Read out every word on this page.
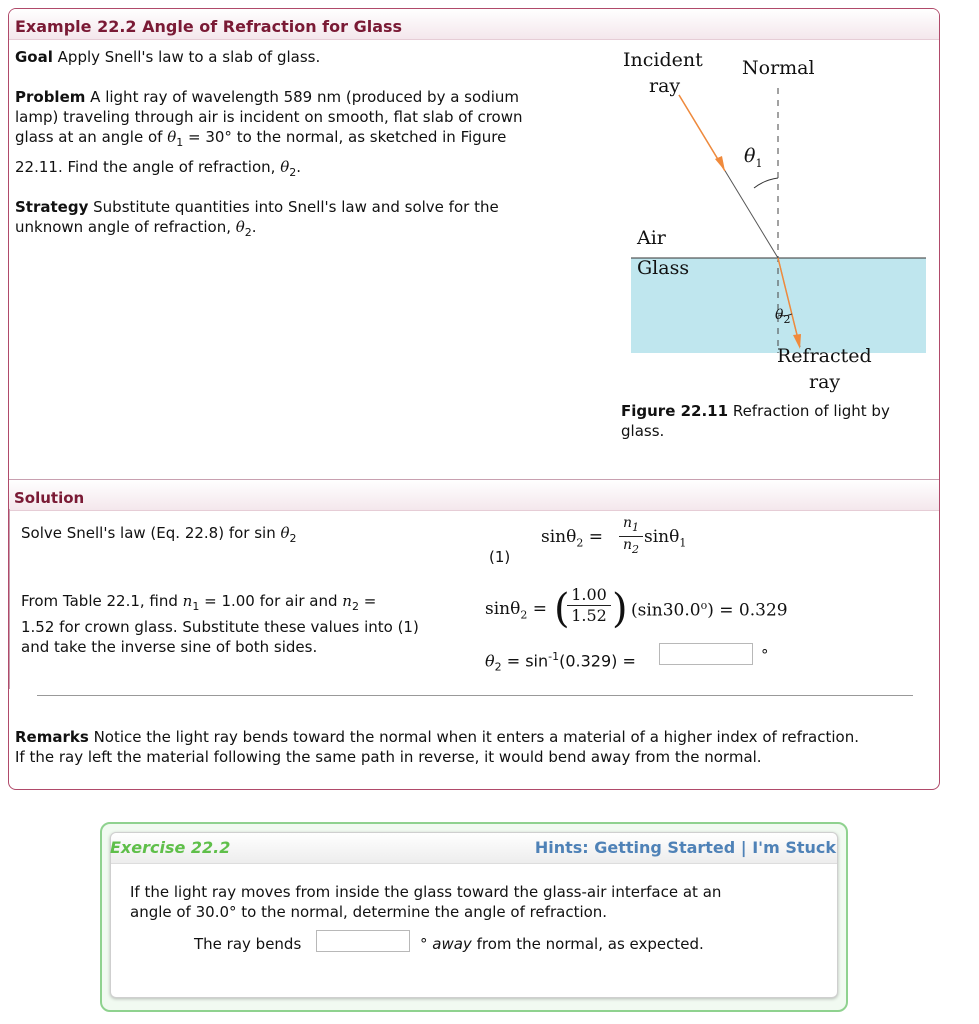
Example 22.2 Angle of Refraction for Glass
Goal Apply Snell's law to a slab of glass.
Problem A light ray of wavelength 589 nm (produced by a sodium
lamp) traveling through air is incident on smooth, flat slab of crown
glass at an angle of $\theta_1 = 30^\circ$ to the normal, as sketched in Figure
22.11. Find the angle of refraction, $\theta_2$.
Strategy Substitute quantities into Snell's law and solve for the
unknown angle of refraction, $\theta_2$.
Incident
ray
Normal
$\theta_1$
Air
Glass
$\theta_2$
Refracted
ray
Figure 22.11 Refraction of light by
glass.
Solution
Solve Snell's law (Eq. 22.8) for $\sin \theta_2$	sinθ$_2$ =
$n_1$
$n_2$
sinθ$_1$
(1)
From Table 22.1, find $n_1 = 1.00$ for air and $n_2$ =
1.52 for crown glass. Substitute these values into (1)
and take the inverse sine of both sides.
sinθ$_2$ = (
$\frac{1.00}{1.52}$ ) $(\sin 30.0^o) = 0.329$
$\theta_2 = \sin^{-1}(0.329)$ =	°
Remarks Notice the light ray bends toward the normal when it enters a material of a higher index of refraction.
If the ray left the material following the same path in reverse, it would bend away from the normal.
Exercise 22.2	Hints: Getting Started | I'm Stuck
If the light ray moves from inside the glass toward the glass-air interface at an
angle of 30.0° to the normal, determine the angle of refraction.
The ray bends	° away from the normal, as expected.
